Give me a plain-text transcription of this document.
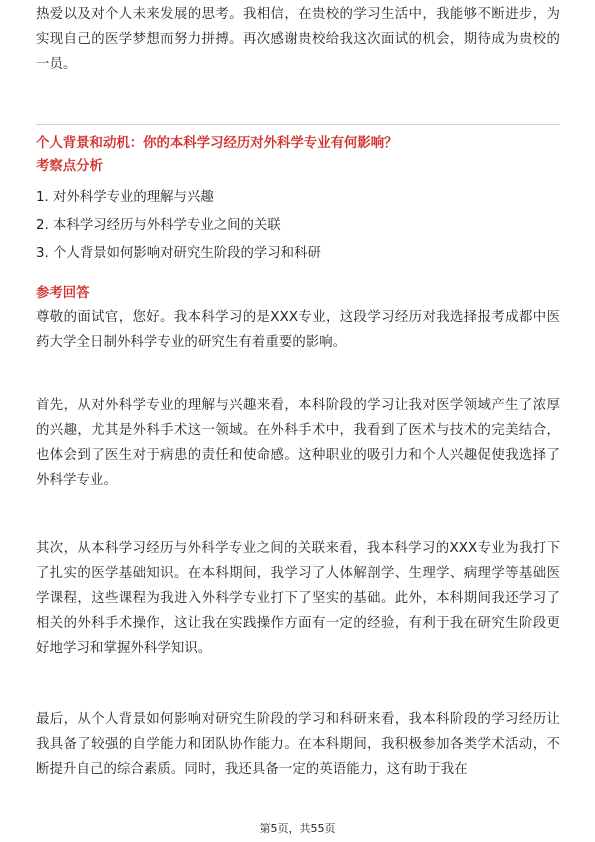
热爱以及对个人未来发展的思考。我相信，在贵校的学习生活中，我能够不断进步，为实现自己的医学梦想而努力拼搏。再次感谢贵校给我这次面试的机会，期待成为贵校的一员。

个人背景和动机：你的本科学习经历对外科学专业有何影响？

考察点分析

1. 对外科学专业的理解与兴趣

2. 本科学习经历与外科学专业之间的关联

3. 个人背景如何影响对研究生阶段的学习和科研

参考回答

尊敬的面试官，您好。我本科学习的是XXX专业，这段学习经历对我选择报考成都中医药大学全日制外科学专业的研究生有着重要的影响。

首先，从对外科学专业的理解与兴趣来看，本科阶段的学习让我对医学领域产生了浓厚的兴趣，尤其是外科手术这一领域。在外科手术中，我看到了医术与技术的完美结合，也体会到了医生对于病患的责任和使命感。这种职业的吸引力和个人兴趣促使我选择了外科学专业。

其次，从本科学习经历与外科学专业之间的关联来看，我本科学习的XXX专业为我打下了扎实的医学基础知识。在本科期间，我学习了人体解剖学、生理学、病理学等基础医学课程，这些课程为我进入外科学专业打下了坚实的基础。此外，本科期间我还学习了相关的外科手术操作，这让我在实践操作方面有一定的经验，有利于我在研究生阶段更好地学习和掌握外科学知识。

最后，从个人背景如何影响对研究生阶段的学习和科研来看，我本科阶段的学习经历让我具备了较强的自学能力和团队协作能力。在本科期间，我积极参加各类学术活动，不断提升自己的综合素质。同时，我还具备一定的英语能力，这有助于我在

第5页，共55页
